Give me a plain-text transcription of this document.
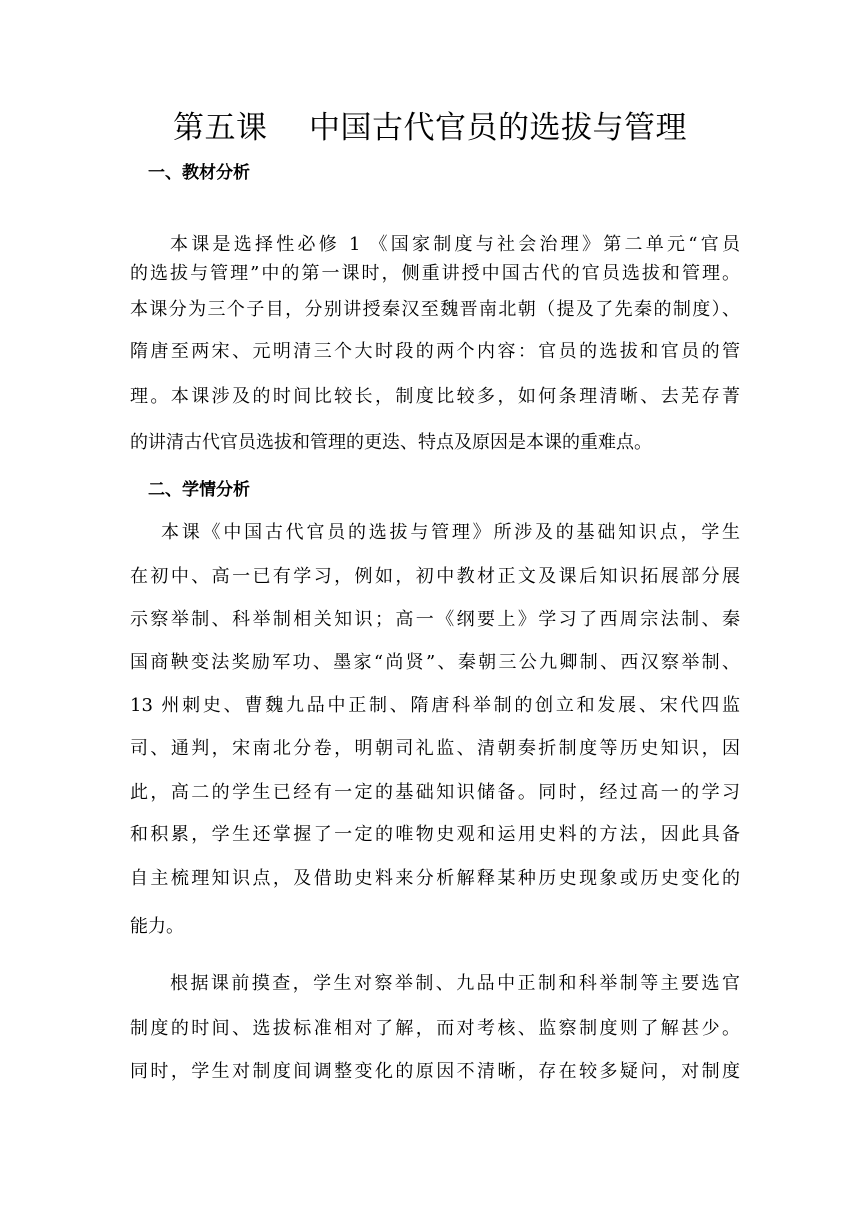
第五课    中国古代官员的选拔与管理
一、教材分析
本课是选择性必修 1 《国家制度与社会治理》第二单元“官员
的选拔与管理”中的第一课时，侧重讲授中国古代的官员选拔和管理。
本课分为三个子目，分别讲授秦汉至魏晋南北朝（提及了先秦的制度）、
隋唐至两宋、元明清三个大时段的两个内容：官员的选拔和官员的管
理。本课涉及的时间比较长，制度比较多，如何条理清晰、去芜存菁
的讲清古代官员选拔和管理的更迭、特点及原因是本课的重难点。
二、学情分析
本课《中国古代官员的选拔与管理》所涉及的基础知识点，学生
在初中、高一已有学习，例如，初中教材正文及课后知识拓展部分展
示察举制、科举制相关知识；高一《纲要上》学习了西周宗法制、秦
国商鞅变法奖励军功、墨家“尚贤”、秦朝三公九卿制、西汉察举制、
13 州刺史、曹魏九品中正制、隋唐科举制的创立和发展、宋代四监
司、通判，宋南北分卷，明朝司礼监、清朝奏折制度等历史知识，因
此，高二的学生已经有一定的基础知识储备。同时，经过高一的学习
和积累，学生还掌握了一定的唯物史观和运用史料的方法，因此具备
自主梳理知识点，及借助史料来分析解释某种历史现象或历史变化的
能力。
根据课前摸查，学生对察举制、九品中正制和科举制等主要选官
制度的时间、选拔标准相对了解，而对考核、监察制度则了解甚少。
同时，学生对制度间调整变化的原因不清晰，存在较多疑问，对制度
